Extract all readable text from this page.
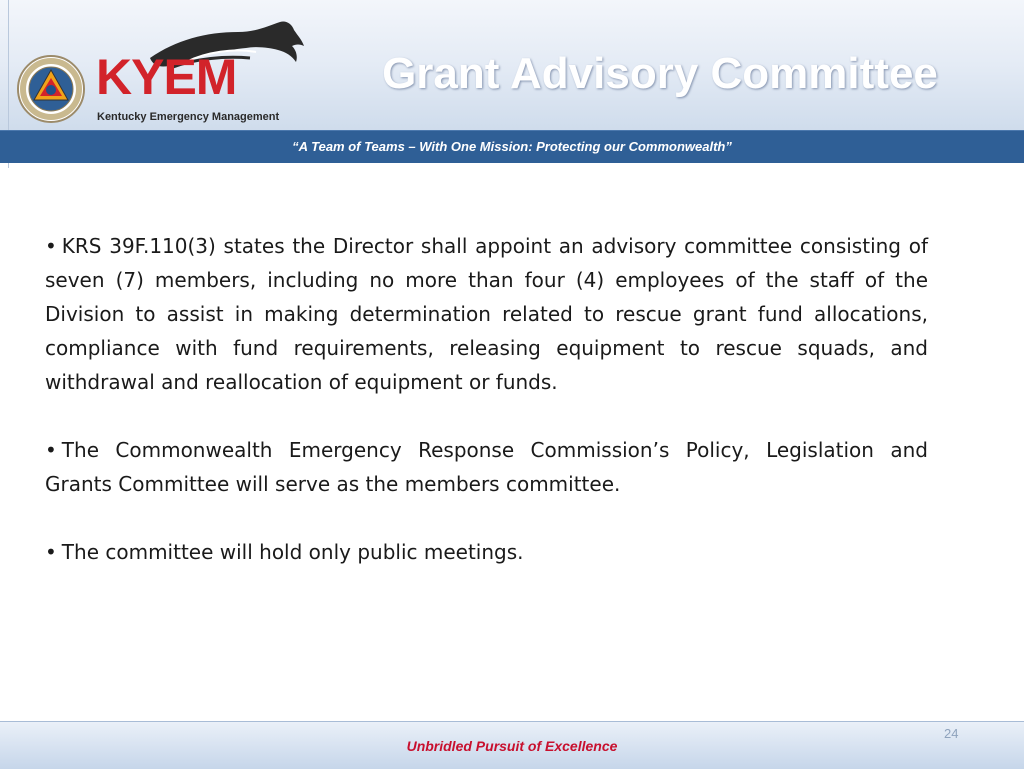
KYEM
Kentucky Emergency Management
Grant Advisory Committee
“A Team of Teams – With One Mission: Protecting our Commonwealth”

• KRS 39F.110(3) states the Director shall appoint an advisory committee consisting of seven (7) members, including no more than four (4) employees of the staff of the Division to assist in making determination related to rescue grant fund allocations, compliance with fund requirements, releasing equipment to rescue squads, and withdrawal and reallocation of equipment or funds.

• The Commonwealth Emergency Response Commission’s Policy, Legislation and Grants Committee will serve as the members committee.

• The committee will hold only public meetings.

Unbridled Pursuit of Excellence
24
